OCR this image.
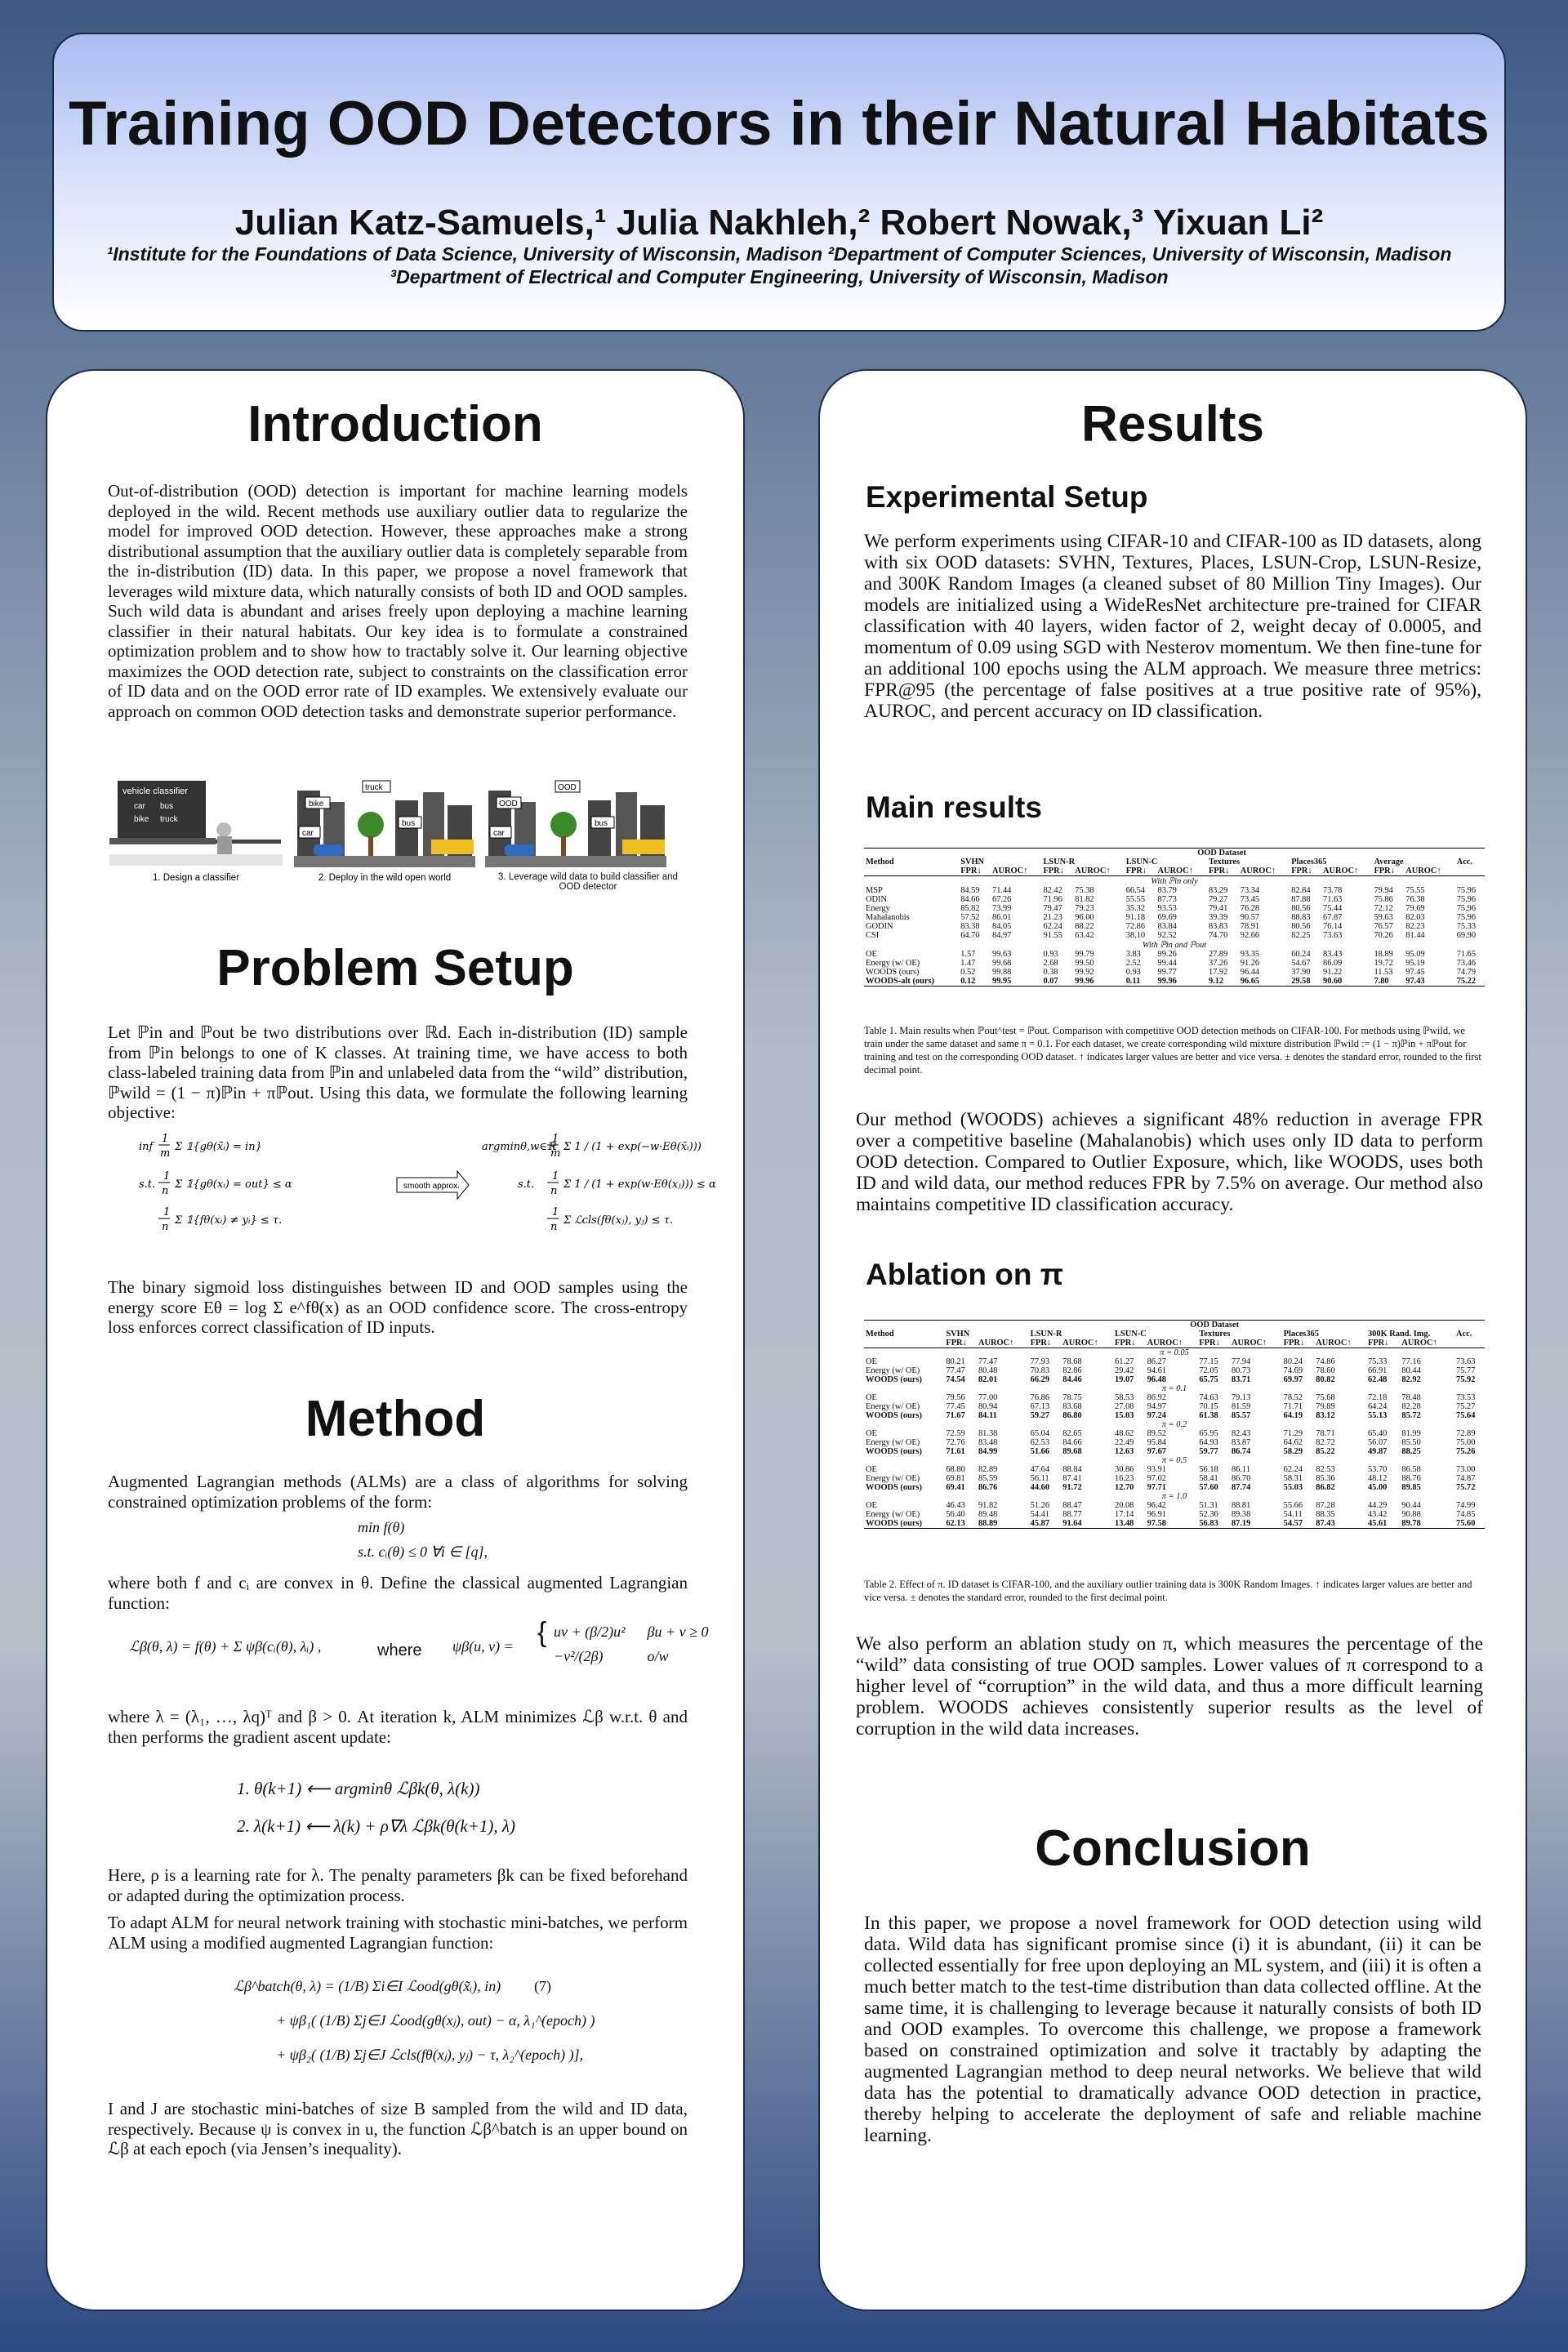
Training OOD Detectors in their Natural Habitats
Julian Katz-Samuels,¹ Julia Nakhleh,² Robert Nowak,³ Yixuan Li²
¹Institute for the Foundations of Data Science, University of Wisconsin, Madison ²Department of Computer Sciences, University of Wisconsin, Madison
³Department of Electrical and Computer Engineering, University of Wisconsin, Madison
Introduction
Out-of-distribution (OOD) detection is important for machine learning models deployed in the wild. Recent methods use auxiliary outlier data to regularize the model for improved OOD detection. However, these approaches make a strong distributional assumption that the auxiliary outlier data is completely separable from the in-distribution (ID) data. In this paper, we propose a novel framework that leverages wild mixture data, which naturally consists of both ID and OOD samples. Such wild data is abundant and arises freely upon deploying a machine learning classifier in their natural habitats. Our key idea is to formulate a constrained optimization problem and to show how to tractably solve it. Our learning objective maximizes the OOD detection rate, subject to constraints on the classification error of ID data and on the OOD error rate of ID examples. We extensively evaluate our approach on common OOD detection tasks and demonstrate superior performance.
vehicle classifier
car bus
bike truck
bike
truck
car
bus
OOD
OOD
car
bus
1. Design a classifier	2. Deploy in the wild open world	3. Leverage wild data to build classifier and OOD detector
Problem Setup
Let ℙin and ℙout be two distributions over ℝd. Each in-distribution (ID) sample from ℙin belongs to one of K classes. At training time, we have access to both class-labeled training data from ℙin and unlabeled data from the “wild” distribution, ℙwild = (1 − π)ℙin + πℙout. Using this data, we formulate the following learning objective:
inf
1
m
Σ 𝟙{gθ(x̃ᵢ) = in}
s.t.
1
n
Σ 𝟙{gθ(xᵢ) = out} ≤ α
1
n
Σ 𝟙{fθ(xᵢ) ≠ yᵢ} ≤ τ.
argminθ,w∈ℝ
1
m
Σ 1 / (1 + exp(−w·Eθ(x̃ᵢ)))
s.t.
1
n
Σ 1 / (1 + exp(w·Eθ(xⱼ))) ≤ α
1
n
Σ ℒcls(fθ(xⱼ), yⱼ) ≤ τ.
smooth approx.
The binary sigmoid loss distinguishes between ID and OOD samples using the energy score Eθ = log Σ e^fθ(x) as an OOD confidence score. The cross-entropy loss enforces correct classification of ID inputs.
Method
Augmented Lagrangian methods (ALMs) are a class of algorithms for solving constrained optimization problems of the form:
min f(θ)
s.t. cᵢ(θ) ≤ 0 ∀i ∈ [q],
where both f and cᵢ are convex in θ. Define the classical augmented Lagrangian function:
ℒβ(θ, λ) = f(θ) + Σ ψβ(cᵢ(θ), λᵢ) ,	where ψβ(u, v) = { uv + (β/2)u²      βu + v ≥ 0
−v²/(2β)            o/w
where λ = (λ₁, …, λq)ᵀ and β > 0. At iteration k, ALM minimizes ℒβ w.r.t. θ and then performs the gradient ascent update:
1. θ(k+1) ⟵ argminθ ℒβk(θ, λ(k))
2. λ(k+1) ⟵ λ(k) + ρ∇λ ℒβk(θ(k+1), λ)
Here, ρ is a learning rate for λ. The penalty parameters βk can be fixed beforehand or adapted during the optimization process.
To adapt ALM for neural network training with stochastic mini-batches, we perform ALM using a modified augmented Lagrangian function:
ℒβ^batch(θ, λ) = (1/B) Σi∈I ℒood(gθ(x̃ᵢ), in) (7)
+ ψβ₁( (1/B) Σj∈J ℒood(gθ(xⱼ), out) − α, λ₁^(epoch) )
+ ψβ₂( (1/B) Σj∈J ℒcls(fθ(xⱼ), yⱼ) − τ, λ₂^(epoch) )],
I and J are stochastic mini-batches of size B sampled from the wild and ID data, respectively. Because ψ is convex in u, the function ℒβ^batch is an upper bound on ℒβ at each epoch (via Jensen’s inequality).
Results
Experimental Setup
We perform experiments using CIFAR-10 and CIFAR-100 as ID datasets, along with six OOD datasets: SVHN, Textures, Places, LSUN-Crop, LSUN-Resize, and 300K Random Images (a cleaned subset of 80 Million Tiny Images). Our models are initialized using a WideResNet architecture pre-trained for CIFAR classification with 40 layers, widen factor of 2, weight decay of 0.0005, and momentum of 0.09 using SGD with Nesterov momentum. We then fine-tune for an additional 100 epochs using the ALM approach. We measure three metrics: FPR@95 (the percentage of false positives at a true positive rate of 95%), AUROC, and percent accuracy on ID classification.
Main results
	OOD Dataset												
Method	SVHN		LSUN-R		LSUN-C		Textures		Places365		Average		Acc.
	FPR↓	AUROC↑	FPR↓	AUROC↑	FPR↓	AUROC↑	FPR↓	AUROC↑	FPR↓	AUROC↑	FPR↓	AUROC↑	
With ℙin only													
MSP	84.59	71.44	82.42	75.38	66.54	83.79	83.29	73.34	82.84	73.78	79.94	75.55	75.96
ODIN	84.66	67.26	71.96	81.82	55.55	87.73	79.27	73.45	87.88	71.63	75.86	76.38	75.96
Energy	85.82	73.99	79.47	79.23	35.32	93.53	79.41	76.28	80.56	75.44	72.12	79.69	75.96
Mahalanobis	57.52	86.01	21.23	96.00	91.18	69.69	39.39	90.57	88.83	67.87	59.63	82.03	75.96
GODIN	83.38	84.05	62.24	88.22	72.86	83.84	83.83	78.91	80.56	76.14	76.57	82.23	75.33
CSI	64.70	84.97	91.55	63.42	38.10	92.52	74.70	92.66	82.25	73.63	70.26	81.44	69.90
With ℙin and ℙout													
OE	1.57	99.63	0.93	99.79	3.83	99.26	27.89	93.35	60.24	83.43	18.89	95.09	71.65
Energy (w/ OE)	1.47	99.68	2.68	99.50	2.52	99.44	37.26	91.26	54.67	86.09	19.72	95.19	73.46
WOODS (ours)	0.52	99.88	0.38	99.92	0.93	99.77	17.92	96.44	37.90	91.22	11.53	97.45	74.79
WOODS-alt (ours)	0.12	99.95	0.07	99.96	0.11	99.96	9.12	96.65	29.58	90.60	7.80	97.43	75.22
Table 1. Main results when ℙout^test = ℙout. Comparison with competitive OOD detection methods on CIFAR-100. For methods using ℙwild, we train under the same dataset and same π = 0.1. For each dataset, we create corresponding wild mixture distribution ℙwild := (1 − π)ℙin + πℙout for training and test on the corresponding OOD dataset. ↑ indicates larger values are better and vice versa. ± denotes the standard error, rounded to the first decimal point.
Our method (WOODS) achieves a significant 48% reduction in average FPR over a competitive baseline (Mahalanobis) which uses only ID data to perform OOD detection. Compared to Outlier Exposure, which, like WOODS, uses both ID and wild data, our method reduces FPR by 7.5% on average. Our method also maintains competitive ID classification accuracy.
Ablation on π
	OOD Dataset												
Method	SVHN		LSUN-R		LSUN-C		Textures		Places365		300K Rand. Img.		Acc.
	FPR↓	AUROC↑	FPR↓	AUROC↑	FPR↓	AUROC↑	FPR↓	AUROC↑	FPR↓	AUROC↑	FPR↓	AUROC↑	
π = 0.05													
OE	80.21	77.47	77.93	78.68	61.27	86.27	77.15	77.94	80.24	74.86	75.33	77.16	73.63
Energy (w/ OE)	77.47	80.48	70.83	82.86	29.42	94.61	72.05	80.73	74.69	78.60	66.91	80.44	75.77
WOODS (ours)	74.54	82.01	66.29	84.46	19.07	96.48	65.75	83.71	69.97	80.82	62.48	82.92	75.92
π = 0.1													
OE	79.56	77.00	76.86	78.75	58.53	86.92	74.63	79.13	78.52	75.68	72.18	78.48	73.53
Energy (w/ OE)	77.45	80.94	67.13	83.68	27.08	94.97	70.15	81.59	71.71	79.89	64.24	82.28	75.27
WOODS (ours)	71.67	84.11	59.27	86.80	15.03	97.24	61.38	85.57	64.19	83.12	55.13	85.72	75.64
π = 0.2													
OE	72.59	81.38	65.04	82.65	48.62	89.52	65.95	82.43	71.29	78.71	65.40	81.99	72.89
Energy (w/ OE)	72.76	83.48	62.53	84.66	22.49	95.84	64.93	83.87	64.62	82.72	56.07	85.50	75.00
WOODS (ours)	71.61	84.99	51.66	89.68	12.63	97.67	59.77	86.74	58.29	85.22	49.87	88.25	75.26
π = 0.5													
OE	68.80	82.89	47.64	88.84	30.86	93.91	56.18	86.11	62.24	82.53	53.70	86.58	73.00
Energy (w/ OE)	69.81	85.59	56.11	87.41	16.23	97.02	58.41	86.70	58.31	85.36	48.12	88.76	74.87
WOODS (ours)	69.41	86.76	44.60	91.72	12.70	97.71	57.60	87.74	55.03	86.82	45.00	89.85	75.72
π = 1.0													
OE	46.43	91.82	51.26	88.47	20.08	96.42	51.31	88.81	55.66	87.28	44.29	90.44	74.99
Energy (w/ OE)	56.40	89.48	54.41	88.77	17.14	96.91	52.36	89.38	54.11	88.35	43.42	90.88	74.85
WOODS (ours)	62.13	88.89	45.87	91.64	13.48	97.58	56.83	87.19	54.57	87.43	45.61	89.78	75.60
Table 2. Effect of π. ID dataset is CIFAR-100, and the auxiliary outlier training data is 300K Random Images. ↑ indicates larger values are better and vice versa. ± denotes the standard error, rounded to the first decimal point.
We also perform an ablation study on π, which measures the percentage of the “wild” data consisting of true OOD samples. Lower values of π correspond to a higher level of “corruption” in the wild data, and thus a more difficult learning problem. WOODS achieves consistently superior results as the level of corruption in the wild data increases.
Conclusion
In this paper, we propose a novel framework for OOD detection using wild data. Wild data has significant promise since (i) it is abundant, (ii) it can be collected essentially for free upon deploying an ML system, and (iii) it is often a much better match to the test-time distribution than data collected offline. At the same time, it is challenging to leverage because it naturally consists of both ID and OOD examples. To overcome this challenge, we propose a framework based on constrained optimization and solve it tractably by adapting the augmented Lagrangian method to deep neural networks. We believe that wild data has the potential to dramatically advance OOD detection in practice, thereby helping to accelerate the deployment of safe and reliable machine learning.
